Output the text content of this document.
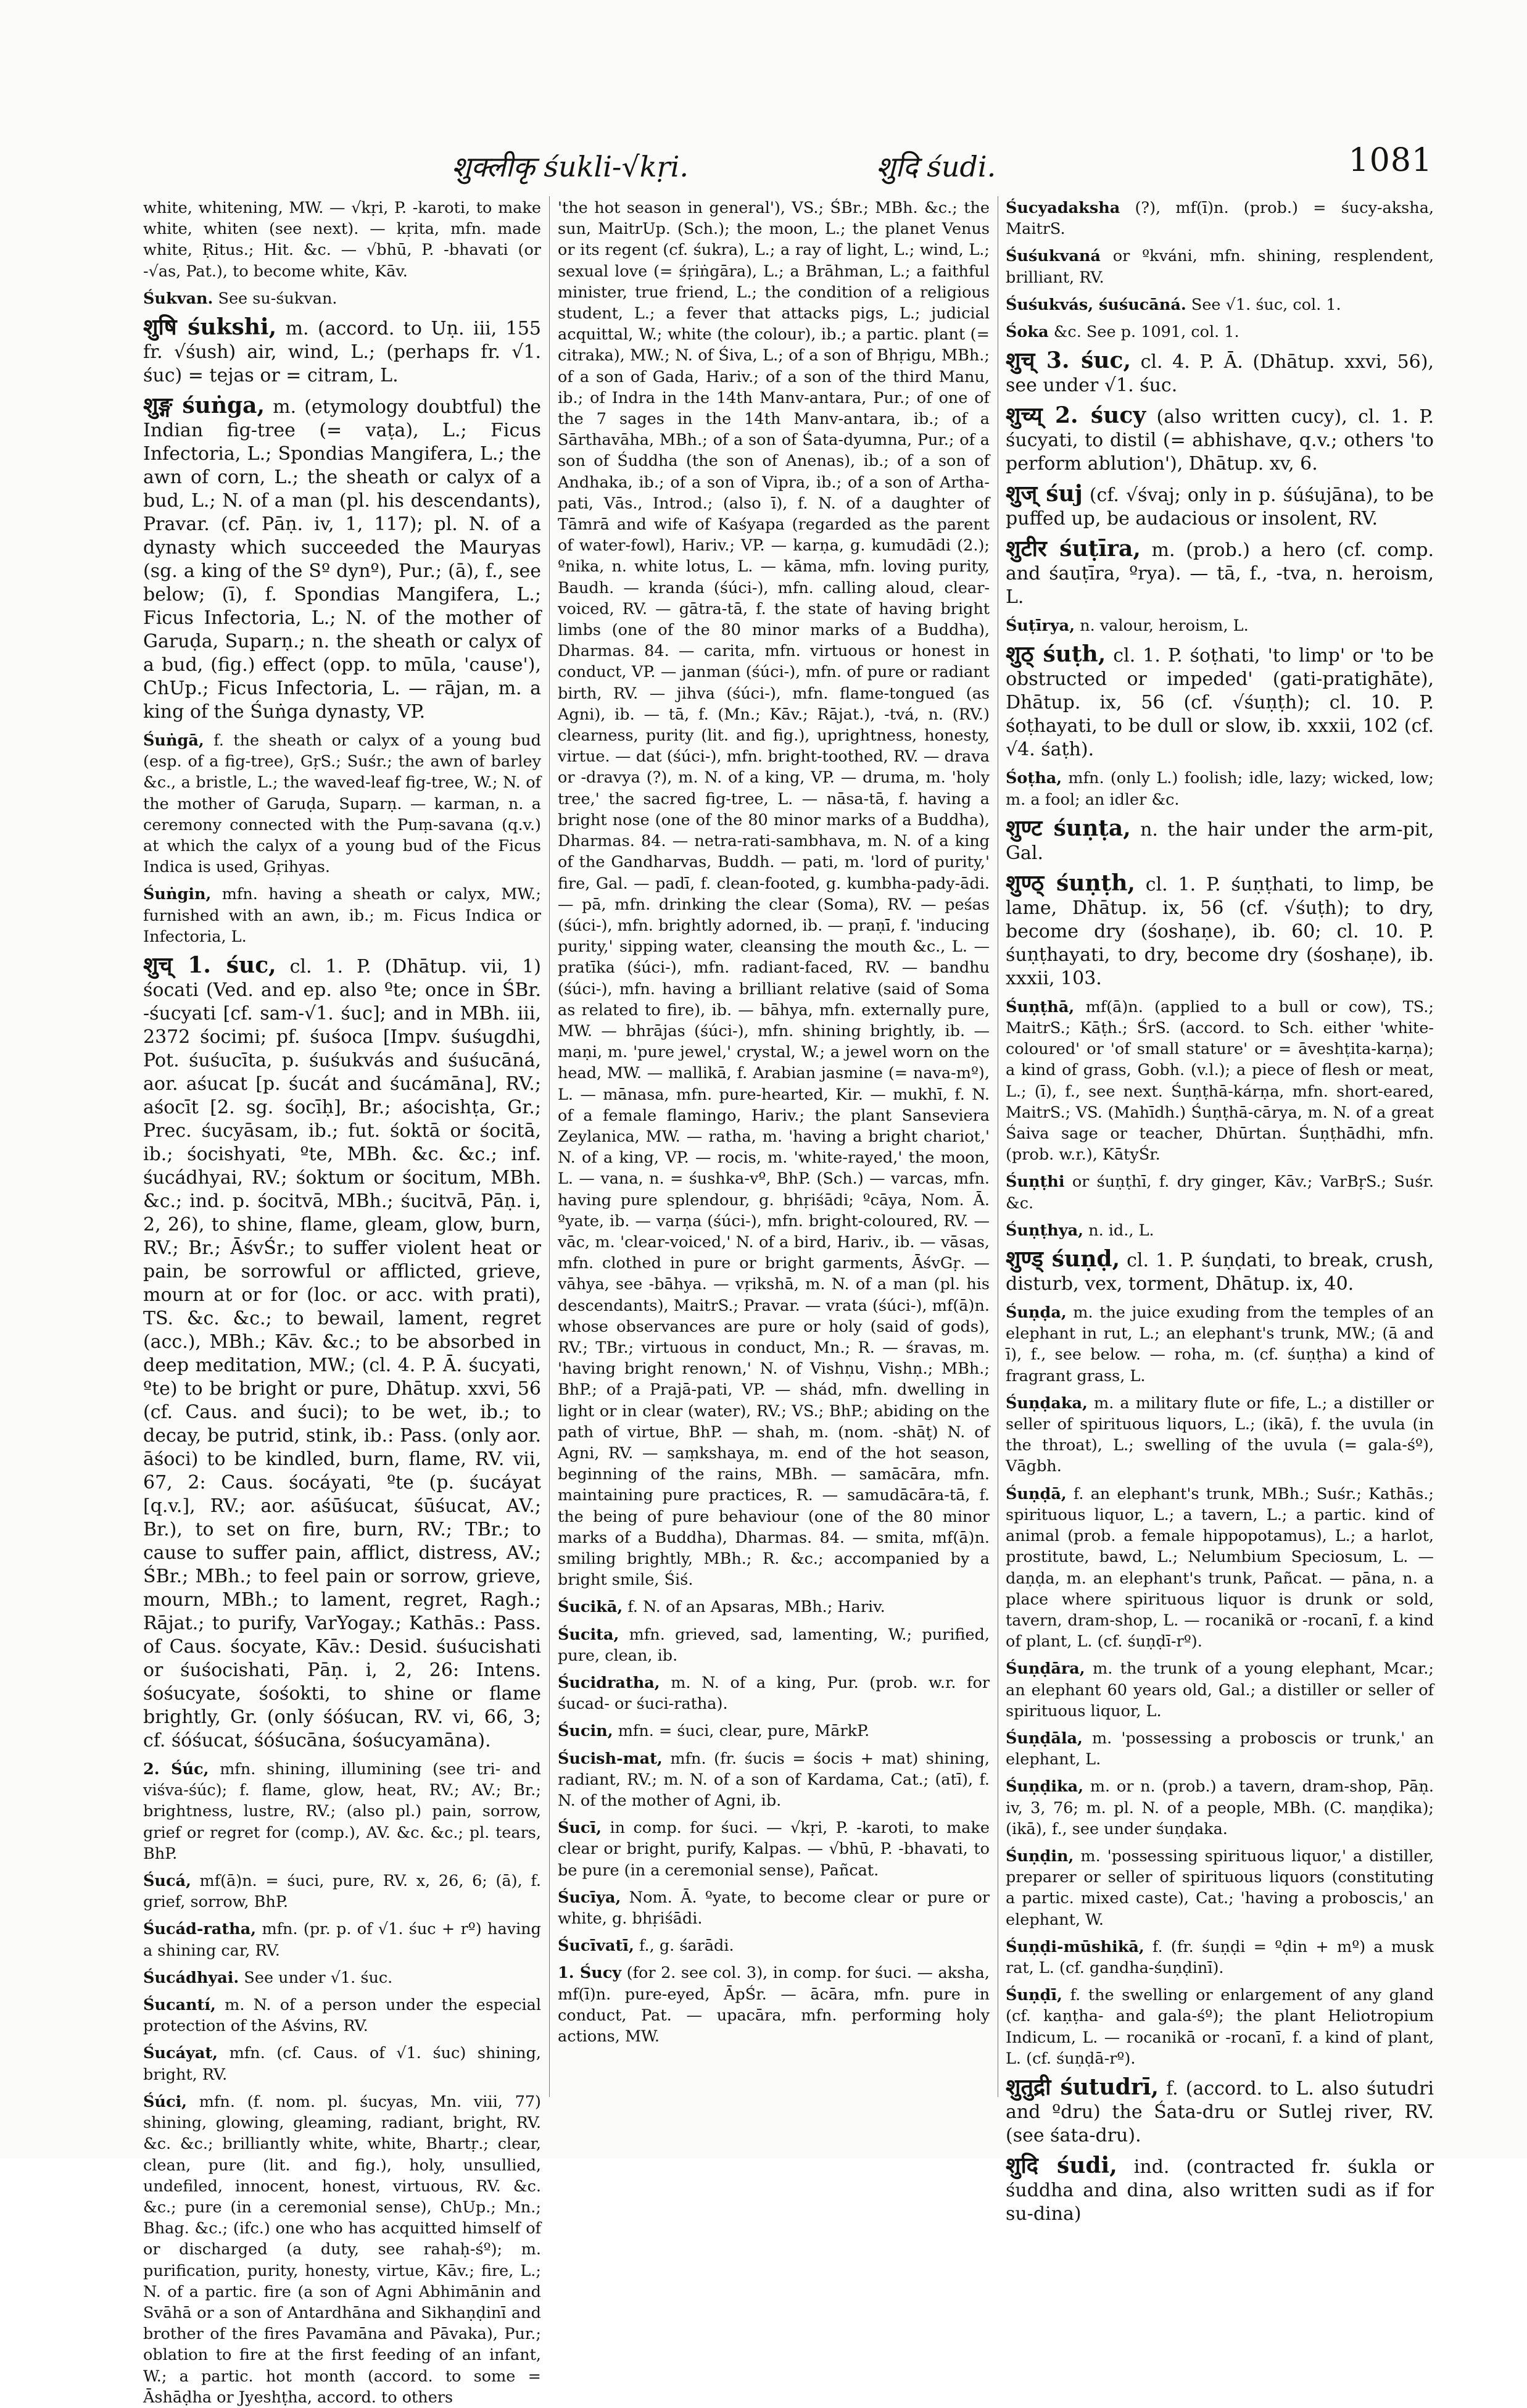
शुक्लीकृ śukli-√kṛi.	शुदि śudi.	1081

white, whitening, MW. — √kṛi, P. -karoti, to make white, whiten (see next). — kṛita, mfn. made white, Ṛitus.; Hit. &c. — √bhū, P. -bhavati (or -√as, Pat.), to become white, Kāv.

Śukvan. See su-śukvan.

शुषि śukshi, m. (accord. to Uṇ. iii, 155 fr. √śush) air, wind, L.; (perhaps fr. √1. śuc) = tejas or = citram, L.

शुङ्ग śuṅga, m. (etymology doubtful) the Indian fig-tree (= vaṭa), L.; Ficus Infectoria, L.; Spondias Mangifera, L.; the awn of corn, L.; the sheath or calyx of a bud, L.; N. of a man (pl. his descendants), Pravar. (cf. Pāṇ. iv, 1, 117); pl. N. of a dynasty which succeeded the Mauryas (sg. a king of the Sº dynº), Pur.; (ā), f., see below; (ī), f. Spondias Mangifera, L.; Ficus Infectoria, L.; N. of the mother of Garuḍa, Suparṇ.; n. the sheath or calyx of a bud, (fig.) effect (opp. to mūla, 'cause'), ChUp.; Ficus Infectoria, L. — rājan, m. a king of the Śuṅga dynasty, VP.

Śuṅgā, f. the sheath or calyx of a young bud (esp. of a fig-tree), GṛS.; Suśr.; the awn of barley &c., a bristle, L.; the waved-leaf fig-tree, W.; N. of the mother of Garuḍa, Suparṇ. — karman, n. a ceremony connected with the Puṃ-savana (q.v.) at which the calyx of a young bud of the Ficus Indica is used, Gṛihyas.

Śuṅgin, mfn. having a sheath or calyx, MW.; furnished with an awn, ib.; m. Ficus Indica or Infectoria, L.

शुच् 1. śuc, cl. 1. P. (Dhātup. vii, 1) śocati (Ved. and ep. also ºte; once in ŚBr. -śucyati [cf. sam-√1. śuc]; and in MBh. iii, 2372 śocimi; pf. śuśoca [Impv. śuśugdhi, Pot. śuśucīta, p. śuśukvás and śuśucāná, aor. aśucat [p. śucát and śucámāna], RV.; aśocīt [2. sg. śocīḥ], Br.; aśocishṭa, Gr.; Prec. śucyāsam, ib.; fut. śoktā or śocitā, ib.; śocishyati, ºte, MBh. &c. &c.; inf. śucádhyai, RV.; śoktum or śocitum, MBh. &c.; ind. p. śocitvā, MBh.; śucitvā, Pāṇ. i, 2, 26), to shine, flame, gleam, glow, burn, RV.; Br.; ĀśvŚr.; to suffer violent heat or pain, be sorrowful or afflicted, grieve, mourn at or for (loc. or acc. with prati), TS. &c. &c.; to bewail, lament, regret (acc.), MBh.; Kāv. &c.; to be absorbed in deep meditation, MW.; (cl. 4. P. Ā. śucyati, ºte) to be bright or pure, Dhātup. xxvi, 56 (cf. Caus. and śuci); to be wet, ib.; to decay, be putrid, stink, ib.: Pass. (only aor. āśoci) to be kindled, burn, flame, RV. vii, 67, 2: Caus. śocáyati, ºte (p. śucáyat [q.v.], RV.; aor. aśūśucat, śūśucat, AV.; Br.), to set on fire, burn, RV.; TBr.; to cause to suffer pain, afflict, distress, AV.; ŚBr.; MBh.; to feel pain or sorrow, grieve, mourn, MBh.; to lament, regret, Ragh.; Rājat.; to purify, VarYogay.; Kathās.: Pass. of Caus. śocyate, Kāv.: Desid. śuśucishati or śuśocishati, Pāṇ. i, 2, 26: Intens. śośucyate, śośokti, to shine or flame brightly, Gr. (only śóśucan, RV. vi, 66, 3; cf. śóśucat, śóśucāna, śośucyamāna).

2. Śúc, mfn. shining, illumining (see tri- and viśva-śúc); f. flame, glow, heat, RV.; AV.; Br.; brightness, lustre, RV.; (also pl.) pain, sorrow, grief or regret for (comp.), AV. &c. &c.; pl. tears, BhP.

Śucá, mf(ā)n. = śuci, pure, RV. x, 26, 6; (ā), f. grief, sorrow, BhP.

Śucád-ratha, mfn. (pr. p. of √1. śuc + rº) having a shining car, RV.

Śucádhyai. See under √1. śuc.

Śucantí, m. N. of a person under the especial protection of the Aśvins, RV.

Śucáyat, mfn. (cf. Caus. of √1. śuc) shining, bright, RV.

Śúci, mfn. (f. nom. pl. śucyas, Mn. viii, 77) shining, glowing, gleaming, radiant, bright, RV. &c. &c.; brilliantly white, white, Bhartṛ.; clear, clean, pure (lit. and fig.), holy, unsullied, undefiled, innocent, honest, virtuous, RV. &c. &c.; pure (in a ceremonial sense), ChUp.; Mn.; Bhag. &c.; (ifc.) one who has acquitted himself of or discharged (a duty, see rahaḥ-śº); m. purification, purity, honesty, virtue, Kāv.; fire, L.; N. of a partic. fire (a son of Agni Abhimānin and Svāhā or a son of Antardhāna and Sikhaṇḍinī and brother of the fires Pavamāna and Pāvaka), Pur.; oblation to fire at the first feeding of an infant, W.; a partic. hot month (accord. to some = Āshāḍha or Jyeshṭha, accord. to others

'the hot season in general'), VS.; ŚBr.; MBh. &c.; the sun, MaitrUp. (Sch.); the moon, L.; the planet Venus or its regent (cf. śukra), L.; a ray of light, L.; wind, L.; sexual love (= śṛiṅgāra), L.; a Brāhman, L.; a faithful minister, true friend, L.; the condition of a religious student, L.; a fever that attacks pigs, L.; judicial acquittal, W.; white (the colour), ib.; a partic. plant (= citraka), MW.; N. of Śiva, L.; of a son of Bhṛigu, MBh.; of a son of Gada, Hariv.; of a son of the third Manu, ib.; of Indra in the 14th Manv-antara, Pur.; of one of the 7 sages in the 14th Manv-antara, ib.; of a Sārthavāha, MBh.; of a son of Śata-dyumna, Pur.; of a son of Śuddha (the son of Anenas), ib.; of a son of Andhaka, ib.; of a son of Vipra, ib.; of a son of Artha-pati, Vās., Introd.; (also ī), f. N. of a daughter of Tāmrā and wife of Kaśyapa (regarded as the parent of water-fowl), Hariv.; VP. — karṇa, g. kumudādi (2.); ºnika, n. white lotus, L. — kāma, mfn. loving purity, Baudh. — kranda (śúci-), mfn. calling aloud, clear-voiced, RV. — gātra-tā, f. the state of having bright limbs (one of the 80 minor marks of a Buddha), Dharmas. 84. — carita, mfn. virtuous or honest in conduct, VP. — janman (śúci-), mfn. of pure or radiant birth, RV. — jihva (śúci-), mfn. flame-tongued (as Agni), ib. — tā, f. (Mn.; Kāv.; Rājat.), -tvá, n. (RV.) clearness, purity (lit. and fig.), uprightness, honesty, virtue. — dat (śúci-), mfn. bright-toothed, RV. — drava or -dravya (?), m. N. of a king, VP. — druma, m. 'holy tree,' the sacred fig-tree, L. — nāsa-tā, f. having a bright nose (one of the 80 minor marks of a Buddha), Dharmas. 84. — netra-rati-sambhava, m. N. of a king of the Gandharvas, Buddh. — pati, m. 'lord of purity,' fire, Gal. — padī, f. clean-footed, g. kumbha-pady-ādi. — pā, mfn. drinking the clear (Soma), RV. — peśas (śúci-), mfn. brightly adorned, ib. — praṇī, f. 'inducing purity,' sipping water, cleansing the mouth &c., L. — pratīka (śúci-), mfn. radiant-faced, RV. — bandhu (śúci-), mfn. having a brilliant relative (said of Soma as related to fire), ib. — bāhya, mfn. externally pure, MW. — bhrājas (śúci-), mfn. shining brightly, ib. — maṇi, m. 'pure jewel,' crystal, W.; a jewel worn on the head, MW. — mallikā, f. Arabian jasmine (= nava-mº), L. — mānasa, mfn. pure-hearted, Kir. — mukhī, f. N. of a female flamingo, Hariv.; the plant Sanseviera Zeylanica, MW. — ratha, m. 'having a bright chariot,' N. of a king, VP. — rocis, m. 'white-rayed,' the moon, L. — vana, n. = śushka-vº, BhP. (Sch.) — varcas, mfn. having pure splendour, g. bhṛiśādi; ºcāya, Nom. Ā. ºyate, ib. — varṇa (śúci-), mfn. bright-coloured, RV. — vāc, m. 'clear-voiced,' N. of a bird, Hariv., ib. — vāsas, mfn. clothed in pure or bright garments, ĀśvGṛ. — vāhya, see -bāhya. — vṛikshā, m. N. of a man (pl. his descendants), MaitrS.; Pravar. — vrata (śúci-), mf(ā)n. whose observances are pure or holy (said of gods), RV.; TBr.; virtuous in conduct, Mn.; R. — śravas, m. 'having bright renown,' N. of Vishṇu, Vishṇ.; MBh.; BhP.; of a Prajā-pati, VP. — shád, mfn. dwelling in light or in clear (water), RV.; VS.; BhP.; abiding on the path of virtue, BhP. — shah, m. (nom. -shāṭ) N. of Agni, RV. — saṃkshaya, m. end of the hot season, beginning of the rains, MBh. — samācāra, mfn. maintaining pure practices, R. — samudācāra-tā, f. the being of pure behaviour (one of the 80 minor marks of a Buddha), Dharmas. 84. — smita, mf(ā)n. smiling brightly, MBh.; R. &c.; accompanied by a bright smile, Śiś.

Śucikā, f. N. of an Apsaras, MBh.; Hariv.

Śucita, mfn. grieved, sad, lamenting, W.; purified, pure, clean, ib.

Śucidratha, m. N. of a king, Pur. (prob. w.r. for śucad- or śuci-ratha).

Śucin, mfn. = śuci, clear, pure, MārkP.

Śucish-mat, mfn. (fr. śucis = śocis + mat) shining, radiant, RV.; m. N. of a son of Kardama, Cat.; (atī), f. N. of the mother of Agni, ib.

Śucī, in comp. for śuci. — √kṛi, P. -karoti, to make clear or bright, purify, Kalpas. — √bhū, P. -bhavati, to be pure (in a ceremonial sense), Pañcat.

Śucīya, Nom. Ā. ºyate, to become clear or pure or white, g. bhṛiśādi.

Śucīvatī, f., g. śarādi.

1. Śucy (for 2. see col. 3), in comp. for śuci. — aksha, mf(ī)n. pure-eyed, ĀpŚr. — ācāra, mfn. pure in conduct, Pat. — upacāra, mfn. performing holy actions, MW.

Śucyadaksha (?), mf(ī)n. (prob.) = śucy-aksha, MaitrS.

Śuśukvaná or ºkváni, mfn. shining, resplendent, brilliant, RV.

Śuśukvás, śuśucāná. See √1. śuc, col. 1.

Śoka &c. See p. 1091, col. 1.

शुच् 3. śuc, cl. 4. P. Ā. (Dhātup. xxvi, 56), see under √1. śuc.

शुच्य् 2. śucy (also written cucy), cl. 1. P. śucyati, to distil (= abhishave, q.v.; others 'to perform ablution'), Dhātup. xv, 6.

शुज् śuj (cf. √śvaj; only in p. śúśujāna), to be puffed up, be audacious or insolent, RV.

शुटीर śuṭīra, m. (prob.) a hero (cf. comp. and śauṭīra, ºrya). — tā, f., -tva, n. heroism, L.

Śuṭīrya, n. valour, heroism, L.

शुठ् śuṭh, cl. 1. P. śoṭhati, 'to limp' or 'to be obstructed or impeded' (gati-pratighāte), Dhātup. ix, 56 (cf. √śuṇṭh); cl. 10. P. śoṭhayati, to be dull or slow, ib. xxxii, 102 (cf. √4. śaṭh).

Śoṭha, mfn. (only L.) foolish; idle, lazy; wicked, low; m. a fool; an idler &c.

शुण्ट śuṇṭa, n. the hair under the arm-pit, Gal.

शुण्ठ् śuṇṭh, cl. 1. P. śuṇṭhati, to limp, be lame, Dhātup. ix, 56 (cf. √śuṭh); to dry, become dry (śoshaṇe), ib. 60; cl. 10. P. śuṇṭhayati, to dry, become dry (śoshaṇe), ib. xxxii, 103.

Śuṇṭhā, mf(ā)n. (applied to a bull or cow), TS.; MaitrS.; Kāṭh.; ŚrS. (accord. to Sch. either 'white-coloured' or 'of small stature' or = āveshṭita-karṇa); a kind of grass, Gobh. (v.l.); a piece of flesh or meat, L.; (ī), f., see next. Śuṇṭhā-kárṇa, mfn. short-eared, MaitrS.; VS. (Mahīdh.) Śuṇṭhā-cārya, m. N. of a great Śaiva sage or teacher, Dhūrtan. Śuṇṭhādhi, mfn. (prob. w.r.), KātyŚr.

Śuṇṭhi or śuṇṭhī, f. dry ginger, Kāv.; VarBṛS.; Suśr. &c.

Śuṇṭhya, n. id., L.

शुण्ड् śuṇḍ, cl. 1. P. śuṇḍati, to break, crush, disturb, vex, torment, Dhātup. ix, 40.

Śuṇḍa, m. the juice exuding from the temples of an elephant in rut, L.; an elephant's trunk, MW.; (ā and ī), f., see below. — roha, m. (cf. śuṇṭha) a kind of fragrant grass, L.

Śuṇḍaka, m. a military flute or fife, L.; a distiller or seller of spirituous liquors, L.; (ikā), f. the uvula (in the throat), L.; swelling of the uvula (= gala-śº), Vāgbh.

Śuṇḍā, f. an elephant's trunk, MBh.; Suśr.; Kathās.; spirituous liquor, L.; a tavern, L.; a partic. kind of animal (prob. a female hippopotamus), L.; a harlot, prostitute, bawd, L.; Nelumbium Speciosum, L. — daṇḍa, m. an elephant's trunk, Pañcat. — pāna, n. a place where spirituous liquor is drunk or sold, tavern, dram-shop, L. — rocanikā or -rocanī, f. a kind of plant, L. (cf. śuṇḍī-rº).

Śuṇḍāra, m. the trunk of a young elephant, Mcar.; an elephant 60 years old, Gal.; a distiller or seller of spirituous liquor, L.

Śuṇḍāla, m. 'possessing a proboscis or trunk,' an elephant, L.

Śuṇḍika, m. or n. (prob.) a tavern, dram-shop, Pāṇ. iv, 3, 76; m. pl. N. of a people, MBh. (C. maṇḍika); (ikā), f., see under śuṇḍaka.

Śuṇḍin, m. 'possessing spirituous liquor,' a distiller, preparer or seller of spirituous liquors (constituting a partic. mixed caste), Cat.; 'having a proboscis,' an elephant, W.

Śuṇḍi-mūshikā, f. (fr. śuṇḍi = ºḍin + mº) a musk rat, L. (cf. gandha-śuṇḍinī).

Śuṇḍī, f. the swelling or enlargement of any gland (cf. kaṇṭha- and gala-śº); the plant Heliotropium Indicum, L. — rocanikā or -rocanī, f. a kind of plant, L. (cf. śuṇḍā-rº).

शुतुद्री śutudrī, f. (accord. to L. also śutudri and ºdru) the Śata-dru or Sutlej river, RV. (see śata-dru).

शुदि śudi, ind. (contracted fr. śukla or śuddha and dina, also written sudi as if for su-dina)
